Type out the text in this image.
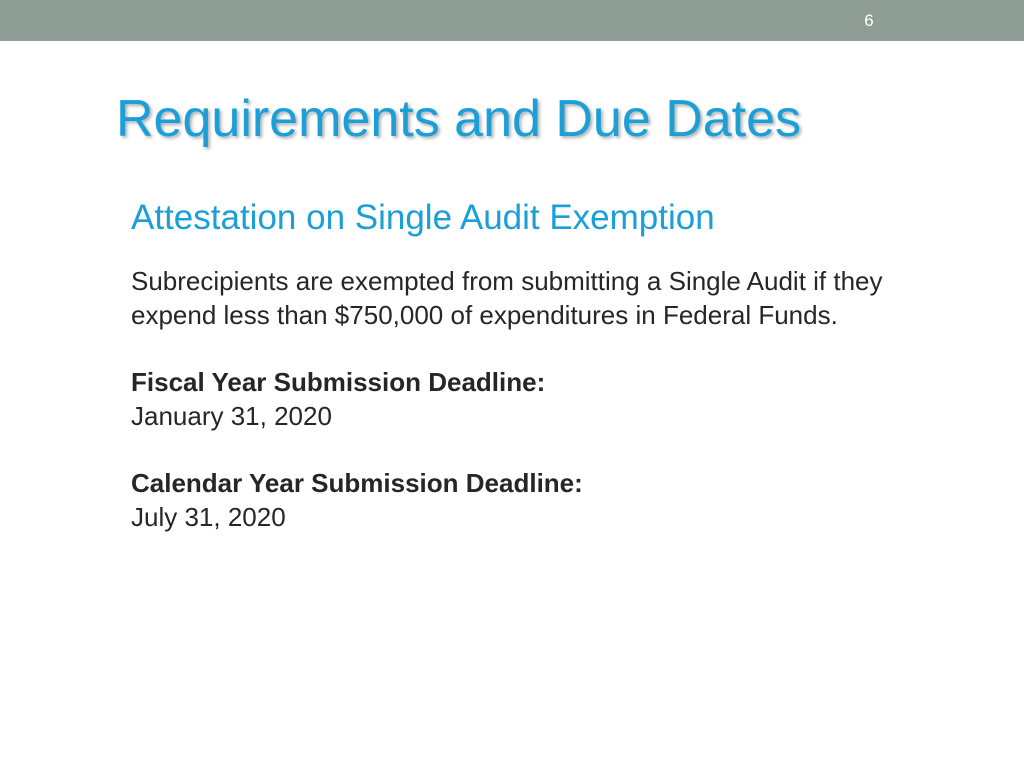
6
Requirements and Due Dates
Attestation on Single Audit Exemption

Subrecipients are exempted from submitting a Single Audit if they expend less than $750,000 of expenditures in Federal Funds.

Fiscal Year Submission Deadline:
January 31, 2020
Calendar Year Submission Deadline:
July 31, 2020
